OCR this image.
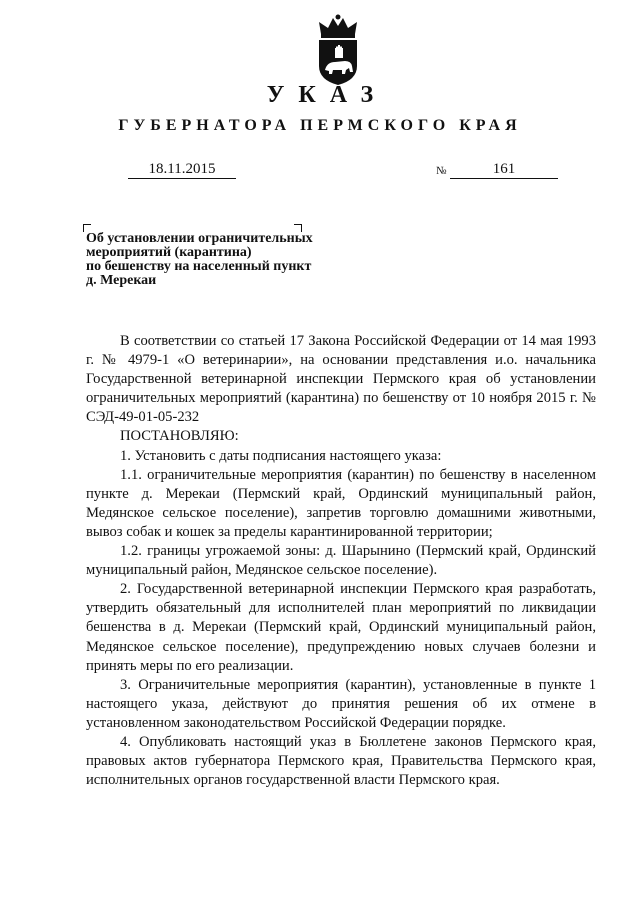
УКАЗ
ГУБЕРНАТОРА ПЕРМСКОГО КРАЯ
18.11.2015	№	161
Об установлении ограничительных
мероприятий (карантина)
по бешенству на населенный пункт
д. Мерекаи

В соответствии со статьей 17 Закона Российской Федерации от 14 мая 1993 г. № 4979-1 «О ветеринарии», на основании представления и.о. начальника Государственной ветеринарной инспекции Пермского края об установлении ограничительных мероприятий (карантина) по бешенству от 10 ноября 2015 г. № СЭД-49-01-05-232

ПОСТАНОВЛЯЮ:

1. Установить с даты подписания настоящего указа:

1.1. ограничительные мероприятия (карантин) по бешенству в населенном пункте д. Мерекаи (Пермский край, Ординский муниципальный район, Медянское сельское поселение), запретив торговлю домашними животными, вывоз собак и кошек за пределы карантинированной территории;

1.2. границы угрожаемой зоны: д. Шарынино (Пермский край, Ординский муниципальный район, Медянское сельское поселение).

2. Государственной ветеринарной инспекции Пермского края разработать, утвердить обязательный для исполнителей план мероприятий по ликвидации бешенства в д. Мерекаи (Пермский край, Ординский муниципальный район, Медянское сельское поселение), предупреждению новых случаев болезни и принять меры по его реализации.

3. Ограничительные мероприятия (карантин), установленные в пункте 1 настоящего указа, действуют до принятия решения об их отмене в установленном законодательством Российской Федерации порядке.

4. Опубликовать настоящий указ в Бюллетене законов Пермского края, правовых актов губернатора Пермского края, Правительства Пермского края, исполнительных органов государственной власти Пермского края.
